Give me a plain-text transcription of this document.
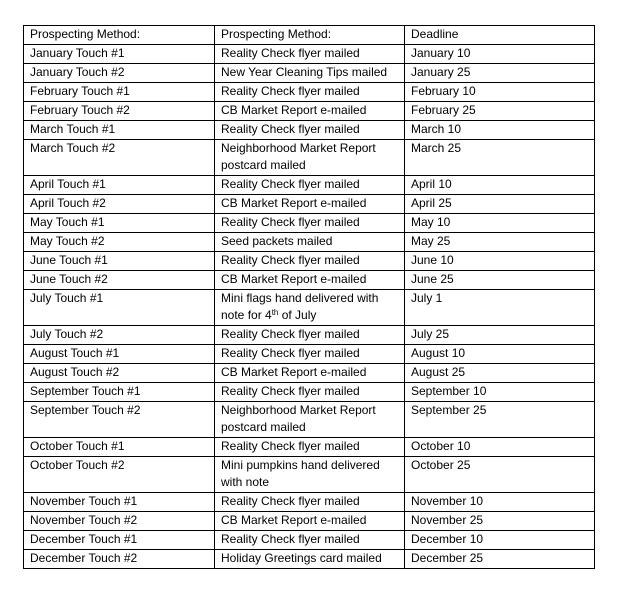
Prospecting Method:	Prospecting Method:	Deadline
January Touch #1	Reality Check flyer mailed	January 10
January Touch #2	New Year Cleaning Tips mailed	January 25
February Touch #1	Reality Check flyer mailed	February 10
February Touch #2	CB Market Report e-mailed	February 25
March Touch #1	Reality Check flyer mailed	March 10
March Touch #2	Neighborhood Market Report postcard mailed	March 25
April Touch #1	Reality Check flyer mailed	April 10
April Touch #2	CB Market Report e-mailed	April 25
May Touch #1	Reality Check flyer mailed	May 10
May Touch #2	Seed packets mailed	May 25
June Touch #1	Reality Check flyer mailed	June 10
June Touch #2	CB Market Report e-mailed	June 25
July Touch #1	Mini flags hand delivered with note for 4th of July	July 1
July Touch #2	Reality Check flyer mailed	July 25
August Touch #1	Reality Check flyer mailed	August 10
August Touch #2	CB Market Report e-mailed	August 25
September Touch #1	Reality Check flyer mailed	September 10
September Touch #2	Neighborhood Market Report postcard mailed	September 25
October Touch #1	Reality Check flyer mailed	October 10
October Touch #2	Mini pumpkins hand delivered with note	October 25
November Touch #1	Reality Check flyer mailed	November 10
November Touch #2	CB Market Report e-mailed	November 25
December Touch #1	Reality Check flyer mailed	December 10
December Touch #2	Holiday Greetings card mailed	December 25
